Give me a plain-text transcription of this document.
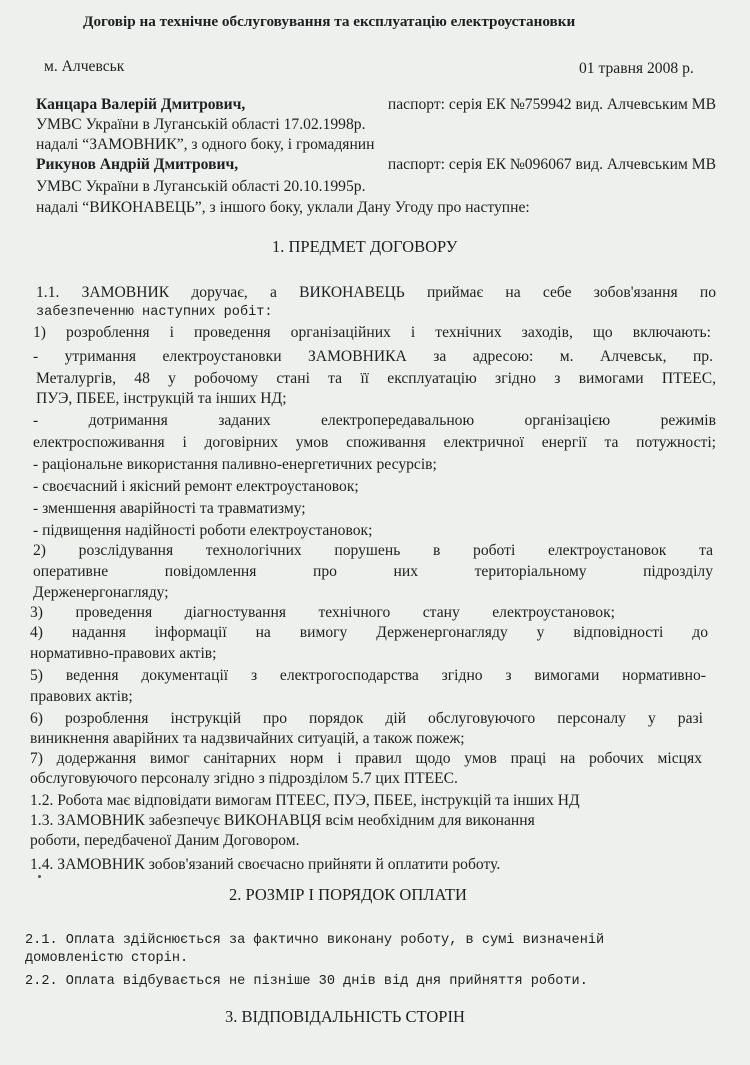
Договір на технічне обслуговування та експлуатацію електроустановки
м. Алчевськ	01 травня 2008 р.
Канцара Валерій Дмитрович,	паспорт: серія ЕК №759942 вид. Алчевським МВ
УМВС України в Луганській області 17.02.1998р.
надалі “ЗАМОВНИК”, з одного боку, і громадянин
Рикунов Андрій Дмитрович,	паспорт: серія ЕК №096067 вид. Алчевським МВ
УМВС України в Луганській області 20.10.1995р.
надалі “ВИКОНАВЕЦЬ”, з іншого боку, уклали Дану Угоду про наступне:
1. ПРЕДМЕТ ДОГОВОРУ
1.1. ЗАМОВНИК доручає, а ВИКОНАВЕЦЬ приймає на себе зобов'язання по
забезпеченню наступних робіт:
1) розроблення і проведення організаційних і технічних заходів, що включають:
- утримання електроустановки ЗАМОВНИКА за адресою: м. Алчевськ, пр.
Металургів, 48 у робочому стані та її експлуатацію згідно з вимогами ПТЕЕС,
ПУЭ, ПБЕЕ, інструкцій та інших НД;
- дотримання заданих електропередавальною організацією режимів
електроспоживання і договірних умов споживання електричної енергії та потужності;
- раціональне використання паливно-енергетичних ресурсів;
- своєчасний і якісний ремонт електроустановок;
- зменшення аварійності та травматизму;
- підвищення надійності роботи електроустановок;
2) розслідування технологічних порушень в роботі електроустановок та
оперативне повідомлення про них територіальному підрозділу
Держенергонагляду;
3) проведення діагностування технічного стану електроустановок;
4) надання інформації на вимогу Держенергонагляду у відповідності до
нормативно-правових актів;
5) ведення документації з електрогосподарства згідно з вимогами нормативно-
правових актів;
6) розроблення інструкцій про порядок дій обслуговуючого персоналу у разі
виникнення аварійних та надзвичайних ситуацій, а також пожеж;
7) додержання вимог санітарних норм і правил щодо умов праці на робочих місцях
обслуговуючого персоналу згідно з підрозділом 5.7 цих ПТЕЕС.
1.2. Робота має відповідати вимогам ПТЕЕС, ПУЭ, ПБЕЕ, інструкцій та інших НД
1.3. ЗАМОВНИК забезпечує ВИКОНАВЦЯ всім необхідним для виконання
роботи, передбаченої Даним Договором.
1.4. ЗАМОВНИК зобов'язаний своєчасно прийняти й оплатити роботу.
2. РОЗМІР І ПОРЯДОК ОПЛАТИ
2.1. Оплата здійснюється за фактично виконану роботу, в сумі визначеній
домовленістю сторін.
2.2. Оплата відбувається не пізніше 30 днів від дня прийняття роботи.
3. ВІДПОВІДАЛЬНІСТЬ СТОРІН
